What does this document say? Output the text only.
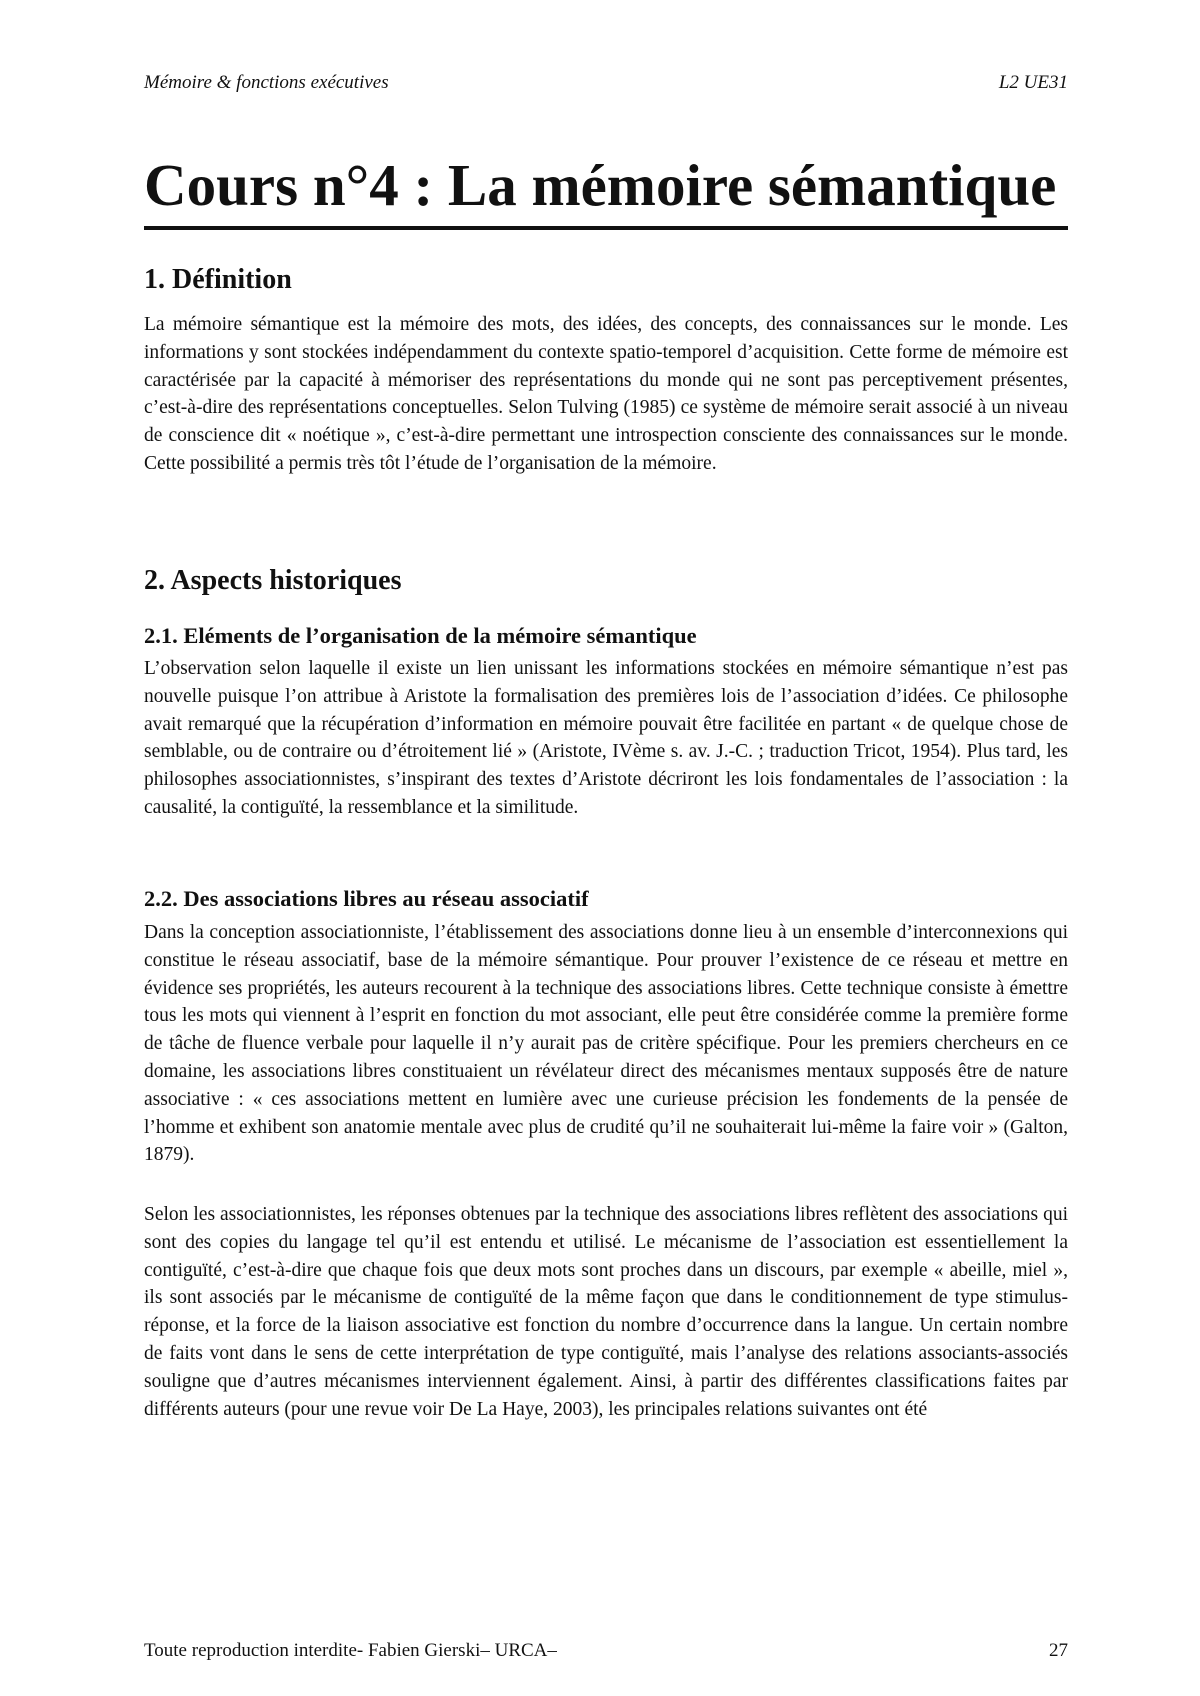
Mémoire & fonctions exécutives	L2 UE31
Cours n°4 : La mémoire sémantique
1. Définition

La mémoire sémantique est la mémoire des mots, des idées, des concepts, des connaissances sur le monde. Les informations y sont stockées indépendamment du contexte spatio-temporel d’acquisition. Cette forme de mémoire est caractérisée par la capacité à mémoriser des représentations du monde qui ne sont pas perceptivement présentes, c’est-à-dire des représentations conceptuelles. Selon Tulving (1985) ce système de mémoire serait associé à un niveau de conscience dit « noétique », c’est-à-dire permettant une introspection consciente des connaissances sur le monde. Cette possibilité a permis très tôt l’étude de l’organisation de la mémoire.

2. Aspects historiques
2.1. Eléments de l’organisation de la mémoire sémantique

L’observation selon laquelle il existe un lien unissant les informations stockées en mémoire sémantique n’est pas nouvelle puisque l’on attribue à Aristote la formalisation des premières lois de l’association d’idées. Ce philosophe avait remarqué que la récupération d’information en mémoire pouvait être facilitée en partant « de quelque chose de semblable, ou de contraire ou d’étroitement lié » (Aristote, IVème s. av. J.-C. ; traduction Tricot, 1954). Plus tard, les philosophes associationnistes, s’inspirant des textes d’Aristote décriront les lois fondamentales de l’association : la causalité, la contiguïté, la ressemblance et la similitude.

2.2. Des associations libres au réseau associatif

Dans la conception associationniste, l’établissement des associations donne lieu à un ensemble d’interconnexions qui constitue le réseau associatif, base de la mémoire sémantique. Pour prouver l’existence de ce réseau et mettre en évidence ses propriétés, les auteurs recourent à la technique des associations libres. Cette technique consiste à émettre tous les mots qui viennent à l’esprit en fonction du mot associant, elle peut être considérée comme la première forme de tâche de fluence verbale pour laquelle il n’y aurait pas de critère spécifique. Pour les premiers chercheurs en ce domaine, les associations libres constituaient un révélateur direct des mécanismes mentaux supposés être de nature associative : « ces associations mettent en lumière avec une curieuse précision les fondements de la pensée de l’homme et exhibent son anatomie mentale avec plus de crudité qu’il ne souhaiterait lui-même la faire voir » (Galton, 1879).

Selon les associationnistes, les réponses obtenues par la technique des associations libres reflètent des associations qui sont des copies du langage tel qu’il est entendu et utilisé. Le mécanisme de l’association est essentiellement la contiguïté, c’est-à-dire que chaque fois que deux mots sont proches dans un discours, par exemple « abeille, miel », ils sont associés par le mécanisme de contiguïté de la même façon que dans le conditionnement de type stimulus-réponse, et la force de la liaison associative est fonction du nombre d’occurrence dans la langue. Un certain nombre de faits vont dans le sens de cette interprétation de type contiguïté, mais l’analyse des relations associants-associés souligne que d’autres mécanismes interviennent également. Ainsi, à partir des différentes classifications faites par différents auteurs (pour une revue voir De La Haye, 2003), les principales relations suivantes ont été

Toute reproduction interdite- Fabien Gierski– URCA–	27
